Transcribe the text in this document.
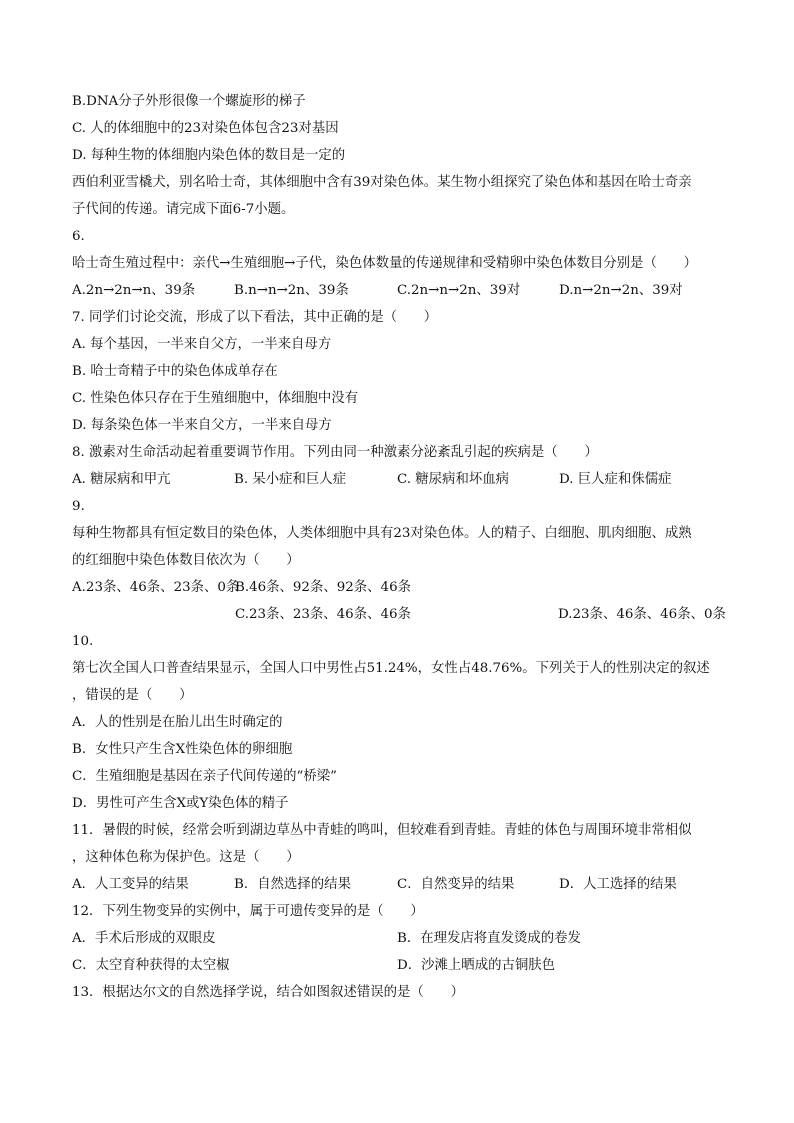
B.DNA分子外形很像一个螺旋形的梯子
C. 人的体细胞中的23对染色体包含23对基因
D. 每种生物的体细胞内染色体的数目是一定的
西伯利亚雪橇犬，别名哈士奇，其体细胞中含有39对染色体。某生物小组探究了染色体和基因在哈士奇亲
子代间的传递。请完成下面6-7小题。
6.
哈士奇生殖过程中：亲代→生殖细胞→子代，染色体数量的传递规律和受精卵中染色体数目分别是（　　）
A.2n→2n→n、39条	B.n→n→2n、39条	C.2n→n→2n、39对	D.n→2n→2n、39对
7. 同学们讨论交流，形成了以下看法，其中正确的是（　　）
A. 每个基因，一半来自父方，一半来自母方
B. 哈士奇精子中的染色体成单存在
C. 性染色体只存在于生殖细胞中，体细胞中没有
D. 每条染色体一半来自父方，一半来自母方
8. 激素对生命活动起着重要调节作用。下列由同一种激素分泌紊乱引起的疾病是（　　）
A. 糖尿病和甲亢	B. 呆小症和巨人症	C. 糖尿病和坏血病	D. 巨人症和侏儒症
9.
每种生物都具有恒定数目的染色体，人类体细胞中具有23对染色体。人的精子、白细胞、肌肉细胞、成熟
的红细胞中染色体数目依次为（　　）
A.23条、46条、23条、0条
B.46条、92条、92条、46条
C.23条、23条、46条、46条	D.23条、46条、46条、0条
10.
第七次全国人口普查结果显示，全国人口中男性占51.24%，女性占48.76%。下列关于人的性别决定的叙述
，错误的是（　　）
A．人的性别是在胎儿出生时确定的
B．女性只产生含X性染色体的卵细胞
C．生殖细胞是基因在亲子代间传递的“桥梁”
D．男性可产生含X或Y染色体的精子
11．暑假的时候，经常会听到湖边草丛中青蛙的鸣叫，但较难看到青蛙。青蛙的体色与周围环境非常相似
，这种体色称为保护色。这是（　　）
A．人工变异的结果	B．自然选择的结果	C．自然变异的结果	D．人工选择的结果
12．下列生物变异的实例中，属于可遗传变异的是（　　）
A．手术后形成的双眼皮	B．在理发店将直发烫成的卷发
C．太空育种获得的太空椒	D．沙滩上晒成的古铜肤色
13．根据达尔文的自然选择学说，结合如图叙述错误的是（　　）
